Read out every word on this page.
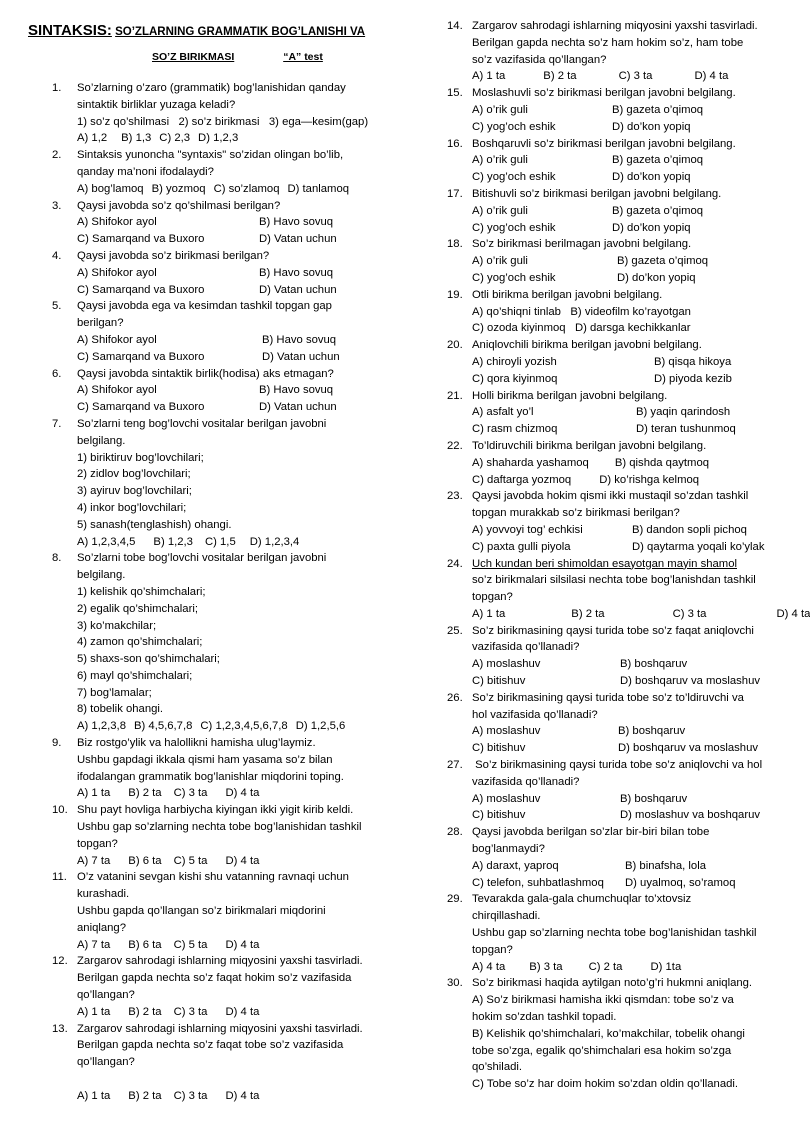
SINTAKSIS: SO’ZLARNING GRAMMATIK BOG’LANISHI VA
SO’Z BIRIKMASI	“A” test
1. So’zlarning o’zaro (grammatik) bog’lanishidan qanday
sintaktik birliklar yuzaga keladi?
1) so’z qo’shilmasi   2) so’z birikmasi   3) ega—kesim(gap)
A) 1,2 B) 1,3 C) 2,3 D) 1,2,3
2. Sintaksis yunoncha "syntaxis" so’zidan olingan bo’lib,
qanday ma’noni ifodalaydi?
A) bog’lamoq B) yozmoq C) so’zlamoq D) tanlamoq
3. Qaysi javobda so’z qo’shilmasi berilgan?
A) Shifokor ayol	B) Havo sovuq
C) Samarqand va Buxoro	D) Vatan uchun
4. Qaysi javobda so’z birikmasi berilgan?
A) Shifokor ayol	B) Havo sovuq
C) Samarqand va Buxoro	D) Vatan uchun
5. Qaysi javobda ega va kesimdan tashkil topgan gap
berilgan?
A) Shifokor ayol	B) Havo sovuq
C) Samarqand va Buxoro	D) Vatan uchun
6. Qaysi javobda sintaktik birlik(hodisa) aks etmagan?
A) Shifokor ayol	B) Havo sovuq
C) Samarqand va Buxoro	D) Vatan uchun
7. So’zlarni teng bog’lovchi vositalar berilgan javobni
belgilang.
1) biriktiruv bog’lovchilari;
2) zidlov bog’lovchilari;
3) ayiruv bog’lovchilari;
4) inkor bog’lovchilari;
5) sanash(tenglashish) ohangi.
A) 1,2,3,4,5 B) 1,2,3 C) 1,5 D) 1,2,3,4
8. So’zlarni tobe bog’lovchi vositalar berilgan javobni
belgilang.
1) kelishik qo’shimchalari;
2) egalik qo’shimchalari;
3) ko’makchilar;
4) zamon qo’shimchalari;
5) shaxs-son qo’shimchalari;
6) mayl qo’shimchalari;
7) bog’lamalar;
8) tobelik ohangi.
A) 1,2,3,8 B) 4,5,6,7,8 C) 1,2,3,4,5,6,7,8 D) 1,2,5,6
9. Biz rostgo’ylik va halollikni hamisha ulug’laymiz.
Ushbu gapdagi ikkala qismi ham yasama so’z bilan
ifodalangan grammatik bog’lanishlar miqdorini toping.
A) 1 ta B) 2 ta C) 3 ta D) 4 ta
10. Shu payt hovliga harbiycha kiyingan ikki yigit kirib keldi.
Ushbu gap so’zlarning nechta tobe bog’lanishidan tashkil
topgan?
A) 7 ta B) 6 ta C) 5 ta D) 4 ta
11. O’z vatanini sevgan kishi shu vatanning ravnaqi uchun
kurashadi.
Ushbu gapda qo’llangan so’z birikmalari miqdorini
aniqlang?
A) 7 ta B) 6 ta C) 5 ta D) 4 ta
12. Zargarov sahrodagi ishlarning miqyosini yaxshi tasvirladi.
Berilgan gapda nechta so’z faqat hokim so’z vazifasida
qo’llangan?
A) 1 ta B) 2 ta C) 3 ta D) 4 ta
13. Zargarov sahrodagi ishlarning miqyosini yaxshi tasvirladi.
Berilgan gapda nechta so’z faqat tobe so’z vazifasida
qo’llangan?
A) 1 ta B) 2 ta C) 3 ta D) 4 ta
14. Zargarov sahrodagi ishlarning miqyosini yaxshi tasvirladi.
Berilgan gapda nechta so’z ham hokim so’z, ham tobe
so’z vazifasida qo’llangan?
A) 1 ta	B) 2 ta	C) 3 ta	D) 4 ta
15. Moslashuvli so’z birikmasi berilgan javobni belgilang.
A) o’rik guli	B) gazeta o’qimoq
C) yog’och eshik	D) do’kon yopiq
16. Boshqaruvli so’z birikmasi berilgan javobni belgilang.
A) o’rik guli	B) gazeta o’qimoq
C) yog’och eshik	D) do’kon yopiq
17. Bitishuvli so’z birikmasi berilgan javobni belgilang.
A) o’rik guli	B) gazeta o’qimoq
C) yog’och eshik	D) do’kon yopiq
18. So’z birikmasi berilmagan javobni belgilang.
A) o’rik guli	B) gazeta o’qimoq
C) yog’och eshik	D) do’kon yopiq
19. Otli birikma berilgan javobni belgilang.
A) qo’shiqni tinlab   B) videofilm ko’rayotgan
C) ozoda kiyinmoq   D) darsga kechikkanlar
20. Aniqlovchili birikma berilgan javobni belgilang.
A) chiroyli yozish	B) qisqa hikoya
C) qora kiyinmoq	D) piyoda kezib
21. Holli birikma berilgan javobni belgilang.
A) asfalt yo’l	B) yaqin qarindosh
C) rasm chizmoq	D) teran tushunmoq
22. To’ldiruvchili birikma berilgan javobni belgilang.
A) shaharda yashamoq B) qishda qaytmoq
C) daftarga yozmoq D) ko’rishga kelmoq
23. Qaysi javobda hokim qismi ikki mustaqil so’zdan tashkil
topgan murakkab so’z birikmasi berilgan?
A) yovvoyi tog’ echkisi	B) dandon sopli pichoq
C) paxta gulli piyola	D) qaytarma yoqali ko’ylak
24. Uch kundan beri shimoldan esayotgan mayin shamol
so’z birikmalari silsilasi nechta tobe bog’lanishdan tashkil
topgan?
A) 1 ta	B) 2 ta	C) 3 ta	D) 4 ta
25. So’z birikmasining qaysi turida tobe so’z faqat aniqlovchi
vazifasida qo’llanadi?
A) moslashuv	B) boshqaruv
C) bitishuv	D) boshqaruv va moslashuv
26. So’z birikmasining qaysi turida tobe so’z to’ldiruvchi va
hol vazifasida qo’llanadi?
A) moslashuv	B) boshqaruv
C) bitishuv	D) boshqaruv va moslashuv
27. So’z birikmasining qaysi turida tobe so’z aniqlovchi va hol
vazifasida qo’llanadi?
A) moslashuv	B) boshqaruv
C) bitishuv	D) moslashuv va boshqaruv
28. Qaysi javobda berilgan so’zlar bir-biri bilan tobe
bog’lanmaydi?
A) daraxt, yaproq	B) binafsha, lola
C) telefon, suhbatlashmoq	D) uyalmoq, so’ramoq
29. Tevarakda gala-gala chumchuqlar to’xtovsiz
chirqillashadi.
Ushbu gap so’zlarning nechta tobe bog’lanishidan tashkil
topgan?
A) 4 ta B) 3 ta C) 2 ta D) 1ta
30. So’z birikmasi haqida aytilgan noto’g’ri hukmni aniqlang.
A) So’z birikmasi hamisha ikki qismdan: tobe so’z va
hokim so’zdan tashkil topadi.
B) Kelishik qo’shimchalari, ko’makchilar, tobelik ohangi
tobe so’zga, egalik qo’shimchalari esa hokim so’zga
qo’shiladi.
C) Tobe so’z har doim hokim so’zdan oldin qo’llanadi.
